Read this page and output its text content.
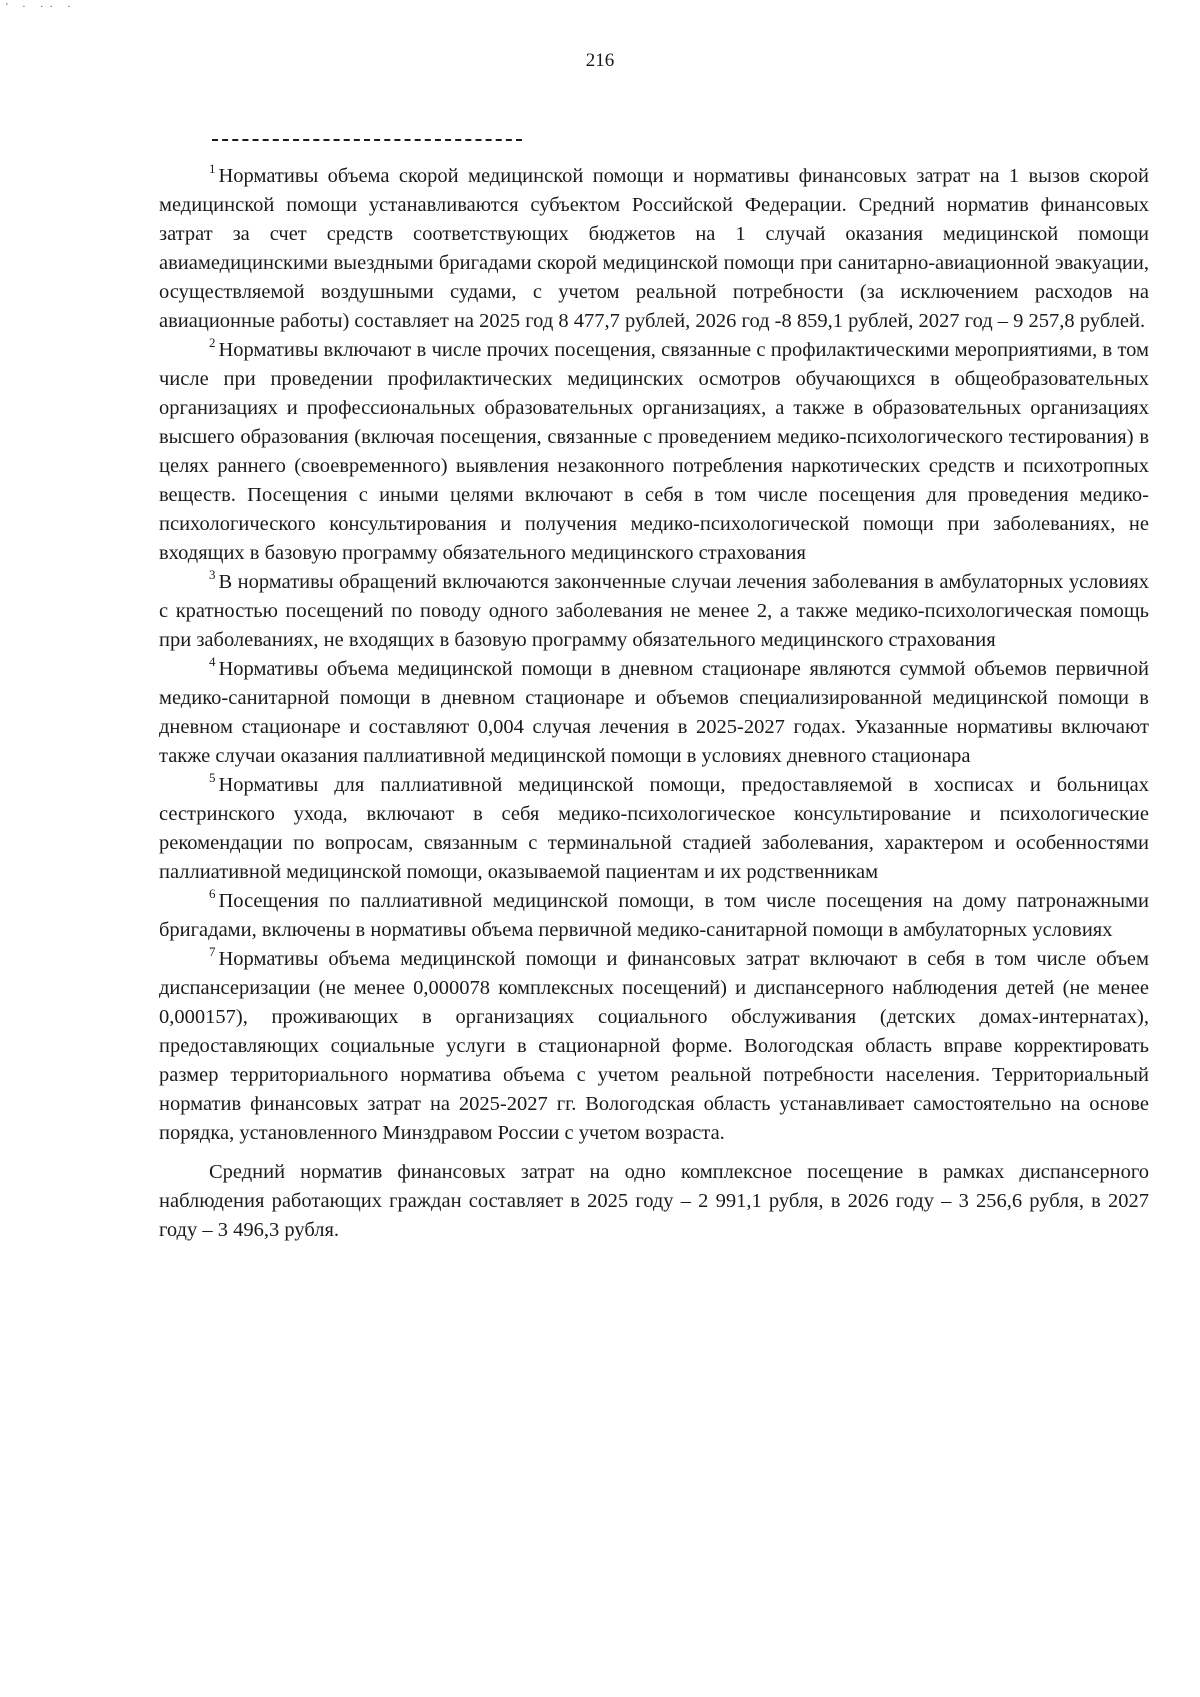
' · ·· ·
216

$^1$ Нормативы объема скорой медицинской помощи и нормативы финансовых затрат на 1 вызов скорой медицинской помощи устанавливаются субъектом Российской Федерации. Средний норматив финансовых затрат за счет средств соответствующих бюджетов на 1 случай оказания медицинской помощи авиамедицинскими выездными бригадами скорой медицинской помощи при санитарно-авиационной эвакуации, осуществляемой воздушными судами, с учетом реальной потребности (за исключением расходов на авиационные работы) составляет на 2025 год 8 477,7 рублей, 2026 год -8 859,1 рублей, 2027 год – 9 257,8 рублей.

$^2$ Нормативы включают в числе прочих посещения, связанные с профилактическими мероприятиями, в том числе при проведении профилактических медицинских осмотров обучающихся в общеобразовательных организациях и профессиональных образовательных организациях, а также в образовательных организациях высшего образования (включая посещения, связанные с проведением медико-психологического тестирования) в целях раннего (своевременного) выявления незаконного потребления наркотических средств и психотропных веществ. Посещения с иными целями включают в себя в том числе посещения для проведения медико-психологического консультирования и получения медико-психологической помощи при заболеваниях, не входящих в базовую программу обязательного медицинского страхования

$^3$ В нормативы обращений включаются законченные случаи лечения заболевания в амбулаторных условиях с кратностью посещений по поводу одного заболевания не менее 2, а также медико-психологическая помощь при заболеваниях, не входящих в базовую программу обязательного медицинского страхования

$^4$ Нормативы объема медицинской помощи в дневном стационаре являются суммой объемов первичной медико-санитарной помощи в дневном стационаре и объемов специализированной медицинской помощи в дневном стационаре и составляют 0,004 случая лечения в 2025-2027 годах. Указанные нормативы включают также случаи оказания паллиативной медицинской помощи в условиях дневного стационара

$^5$ Нормативы для паллиативной медицинской помощи, предоставляемой в хосписах и больницах сестринского ухода, включают в себя медико-психологическое консультирование и психологические рекомендации по вопросам, связанным с терминальной стадией заболевания, характером и особенностями паллиативной медицинской помощи, оказываемой пациентам и их родственникам

$^6$ Посещения по паллиативной медицинской помощи, в том числе посещения на дому патронажными бригадами, включены в нормативы объема первичной медико-санитарной помощи в амбулаторных условиях

$^7$ Нормативы объема медицинской помощи и финансовых затрат включают в себя в том числе объем диспансеризации (не менее 0,000078 комплексных посещений) и диспансерного наблюдения детей (не менее 0,000157), проживающих в организациях социального обслуживания (детских домах-интернатах), предоставляющих социальные услуги в стационарной форме. Вологодская область вправе корректировать размер территориального норматива объема с учетом реальной потребности населения. Территориальный норматив финансовых затрат на 2025-2027 гг. Вологодская область устанавливает самостоятельно на основе порядка, установленного Минздравом России с учетом возраста.

Средний норматив финансовых затрат на одно комплексное посещение в рамках диспансерного наблюдения работающих граждан составляет в 2025 году – 2 991,1 рубля, в 2026 году – 3 256,6 рубля, в 2027 году – 3 496,3 рубля.
